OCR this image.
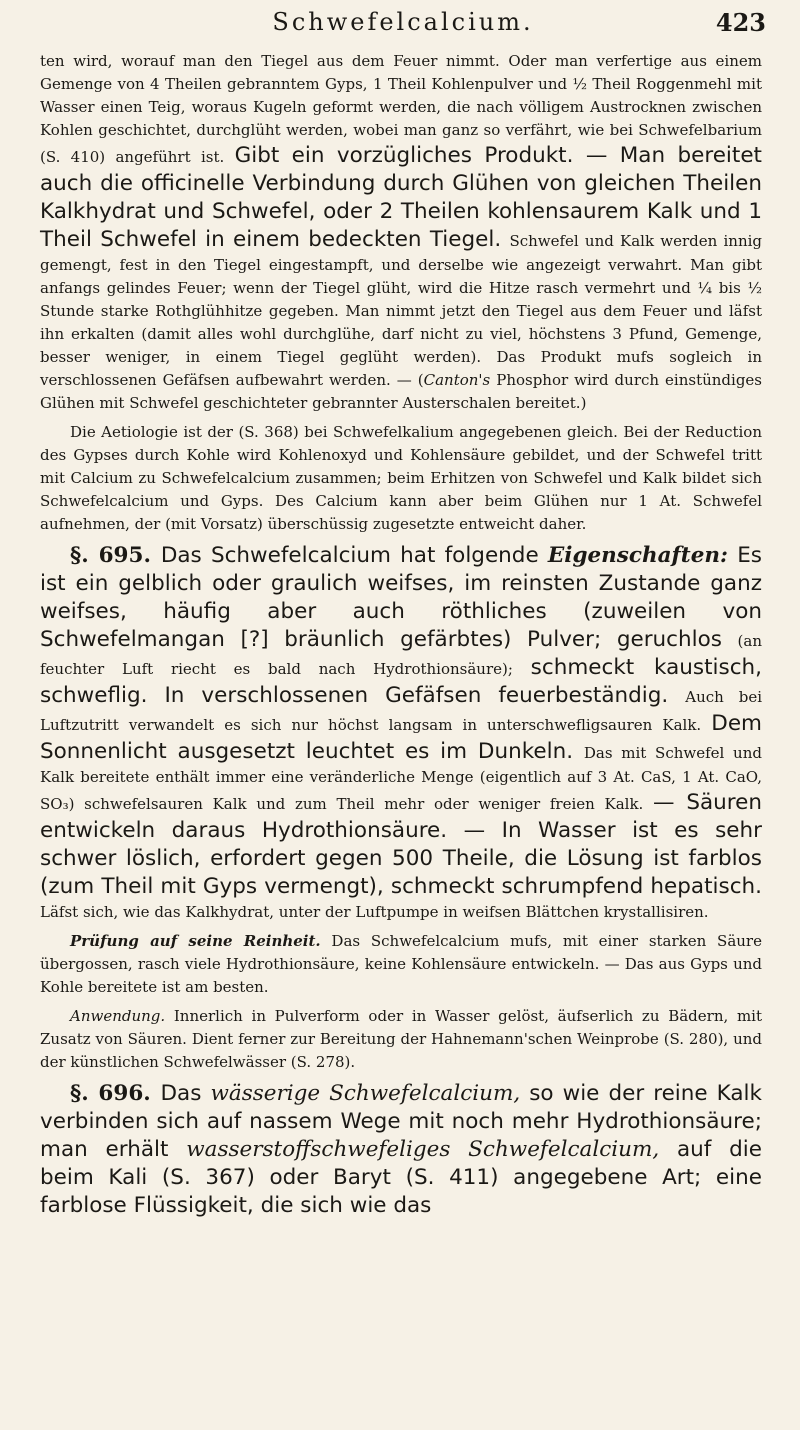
Schwefelcalcium.	423

ten wird, worauf man den Tiegel aus dem Feuer nimmt. Oder man verfertige aus einem Gemenge von 4 Theilen gebranntem Gyps, 1 Theil Kohlenpulver und ½ Theil Roggenmehl mit Wasser einen Teig, woraus Kugeln geformt werden, die nach völligem Austrocknen zwischen Kohlen geschichtet, durchglüht werden, wobei man ganz so verfährt, wie bei Schwefelbarium (S. 410) angeführt ist. Gibt ein vorzügliches Produkt. — Man bereitet auch die officinelle Verbindung durch Glühen von gleichen Theilen Kalkhydrat und Schwefel, oder 2 Theilen kohlensaurem Kalk und 1 Theil Schwefel in einem bedeckten Tiegel. Schwefel und Kalk werden innig gemengt, fest in den Tiegel eingestampft, und derselbe wie angezeigt verwahrt. Man gibt anfangs gelindes Feuer; wenn der Tiegel glüht, wird die Hitze rasch vermehrt und ¼ bis ½ Stunde starke Rothglühhitze gegeben. Man nimmt jetzt den Tiegel aus dem Feuer und läfst ihn erkalten (damit alles wohl durchglühe, darf nicht zu viel, höchstens 3 Pfund, Gemenge, besser weniger, in einem Tiegel geglüht werden). Das Produkt mufs sogleich in verschlossenen Gefäfsen aufbewahrt werden. — (Canton's Phosphor wird durch einstündiges Glühen mit Schwefel geschichteter gebrannter Austerschalen bereitet.)

Die Aetiologie ist der (S. 368) bei Schwefelkalium angegebenen gleich. Bei der Reduction des Gypses durch Kohle wird Kohlenoxyd und Kohlensäure gebildet, und der Schwefel tritt mit Calcium zu Schwefelcalcium zusammen; beim Erhitzen von Schwefel und Kalk bildet sich Schwefelcalcium und Gyps. Des Calcium kann aber beim Glühen nur 1 At. Schwefel aufnehmen, der (mit Vorsatz) überschüssig zugesetzte entweicht daher.

§. 695. Das Schwefelcalcium hat folgende Eigenschaften: Es ist ein gelblich oder graulich weifses, im reinsten Zustande ganz weifses, häufig aber auch röthliches (zuweilen von Schwefelmangan [?] bräunlich gefärbtes) Pulver; geruchlos (an feuchter Luft riecht es bald nach Hydrothionsäure); schmeckt kaustisch, schweflig. In verschlossenen Gefäfsen feuerbeständig. Auch bei Luftzutritt verwandelt es sich nur höchst langsam in unterschwefligsauren Kalk. Dem Sonnenlicht ausgesetzt leuchtet es im Dunkeln. Das mit Schwefel und Kalk bereitete enthält immer eine veränderliche Menge (eigentlich auf 3 At. CaS, 1 At. CaO, SO₃) schwefelsauren Kalk und zum Theil mehr oder weniger freien Kalk. — Säuren entwickeln daraus Hydrothionsäure. — In Wasser ist es sehr schwer löslich, erfordert gegen 500 Theile, die Lösung ist farblos (zum Theil mit Gyps vermengt), schmeckt schrumpfend hepatisch. Läfst sich, wie das Kalkhydrat, unter der Luftpumpe in weifsen Blättchen krystallisiren.

Prüfung auf seine Reinheit. Das Schwefelcalcium mufs, mit einer starken Säure übergossen, rasch viele Hydrothionsäure, keine Kohlensäure entwickeln. — Das aus Gyps und Kohle bereitete ist am besten.

Anwendung. Innerlich in Pulverform oder in Wasser gelöst, äufserlich zu Bädern, mit Zusatz von Säuren. Dient ferner zur Bereitung der Hahnemann'schen Weinprobe (S. 280), und der künstlichen Schwefelwässer (S. 278).

§. 696. Das wässerige Schwefelcalcium, so wie der reine Kalk verbinden sich auf nassem Wege mit noch mehr Hydrothionsäure; man erhält wasserstoffschwefeliges Schwefelcalcium, auf die beim Kali (S. 367) oder Baryt (S. 411) angegebene Art; eine farblose Flüssigkeit, die sich wie das
